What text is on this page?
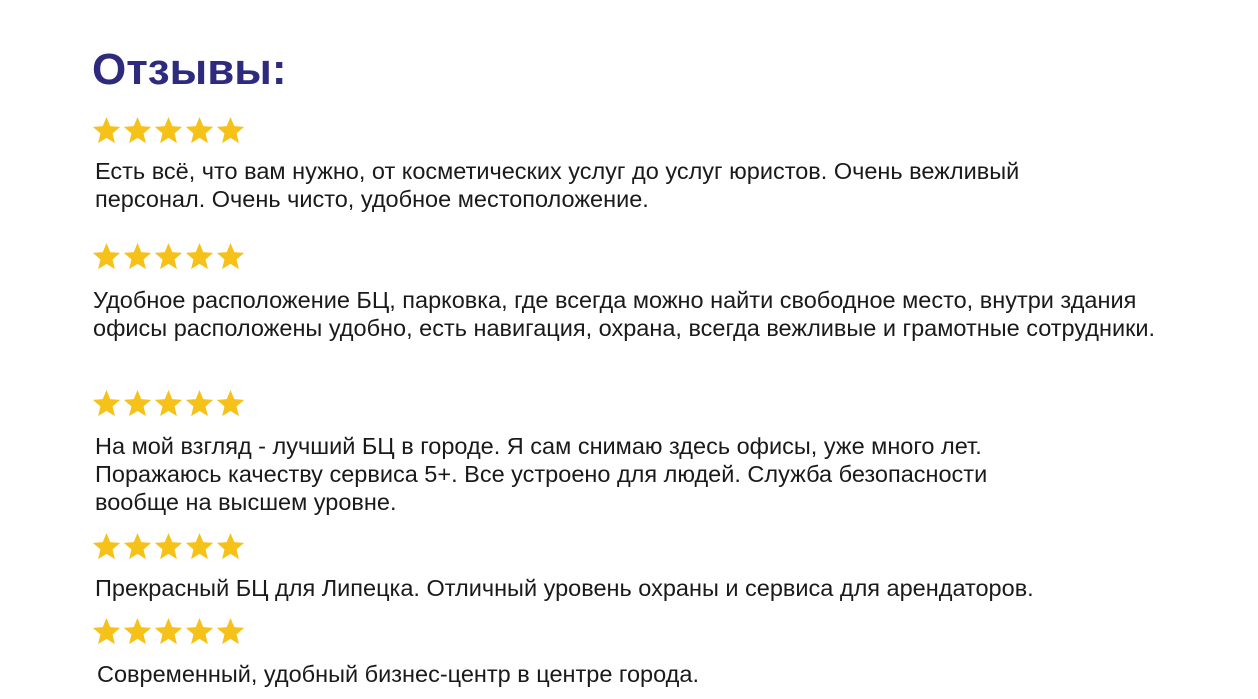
Отзывы:

Есть всё, что вам нужно, от косметических услуг до услуг юристов. Очень вежливый персонал. Очень чисто, удобное местоположение.

Удобное расположение БЦ, парковка, где всегда можно найти свободное место, внутри здания офисы расположены удобно, есть навигация, охрана, всегда вежливые и грамотные сотрудники.

На мой взгляд - лучший БЦ в городе. Я сам снимаю здесь офисы, уже много лет. Поражаюсь качеству сервиса 5+. Все устроено для людей. Служба безопасности вообще на высшем уровне.

Прекрасный БЦ для Липецка. Отличный уровень охраны и сервиса для арендаторов.

Современный, удобный бизнес-центр в центре города.
